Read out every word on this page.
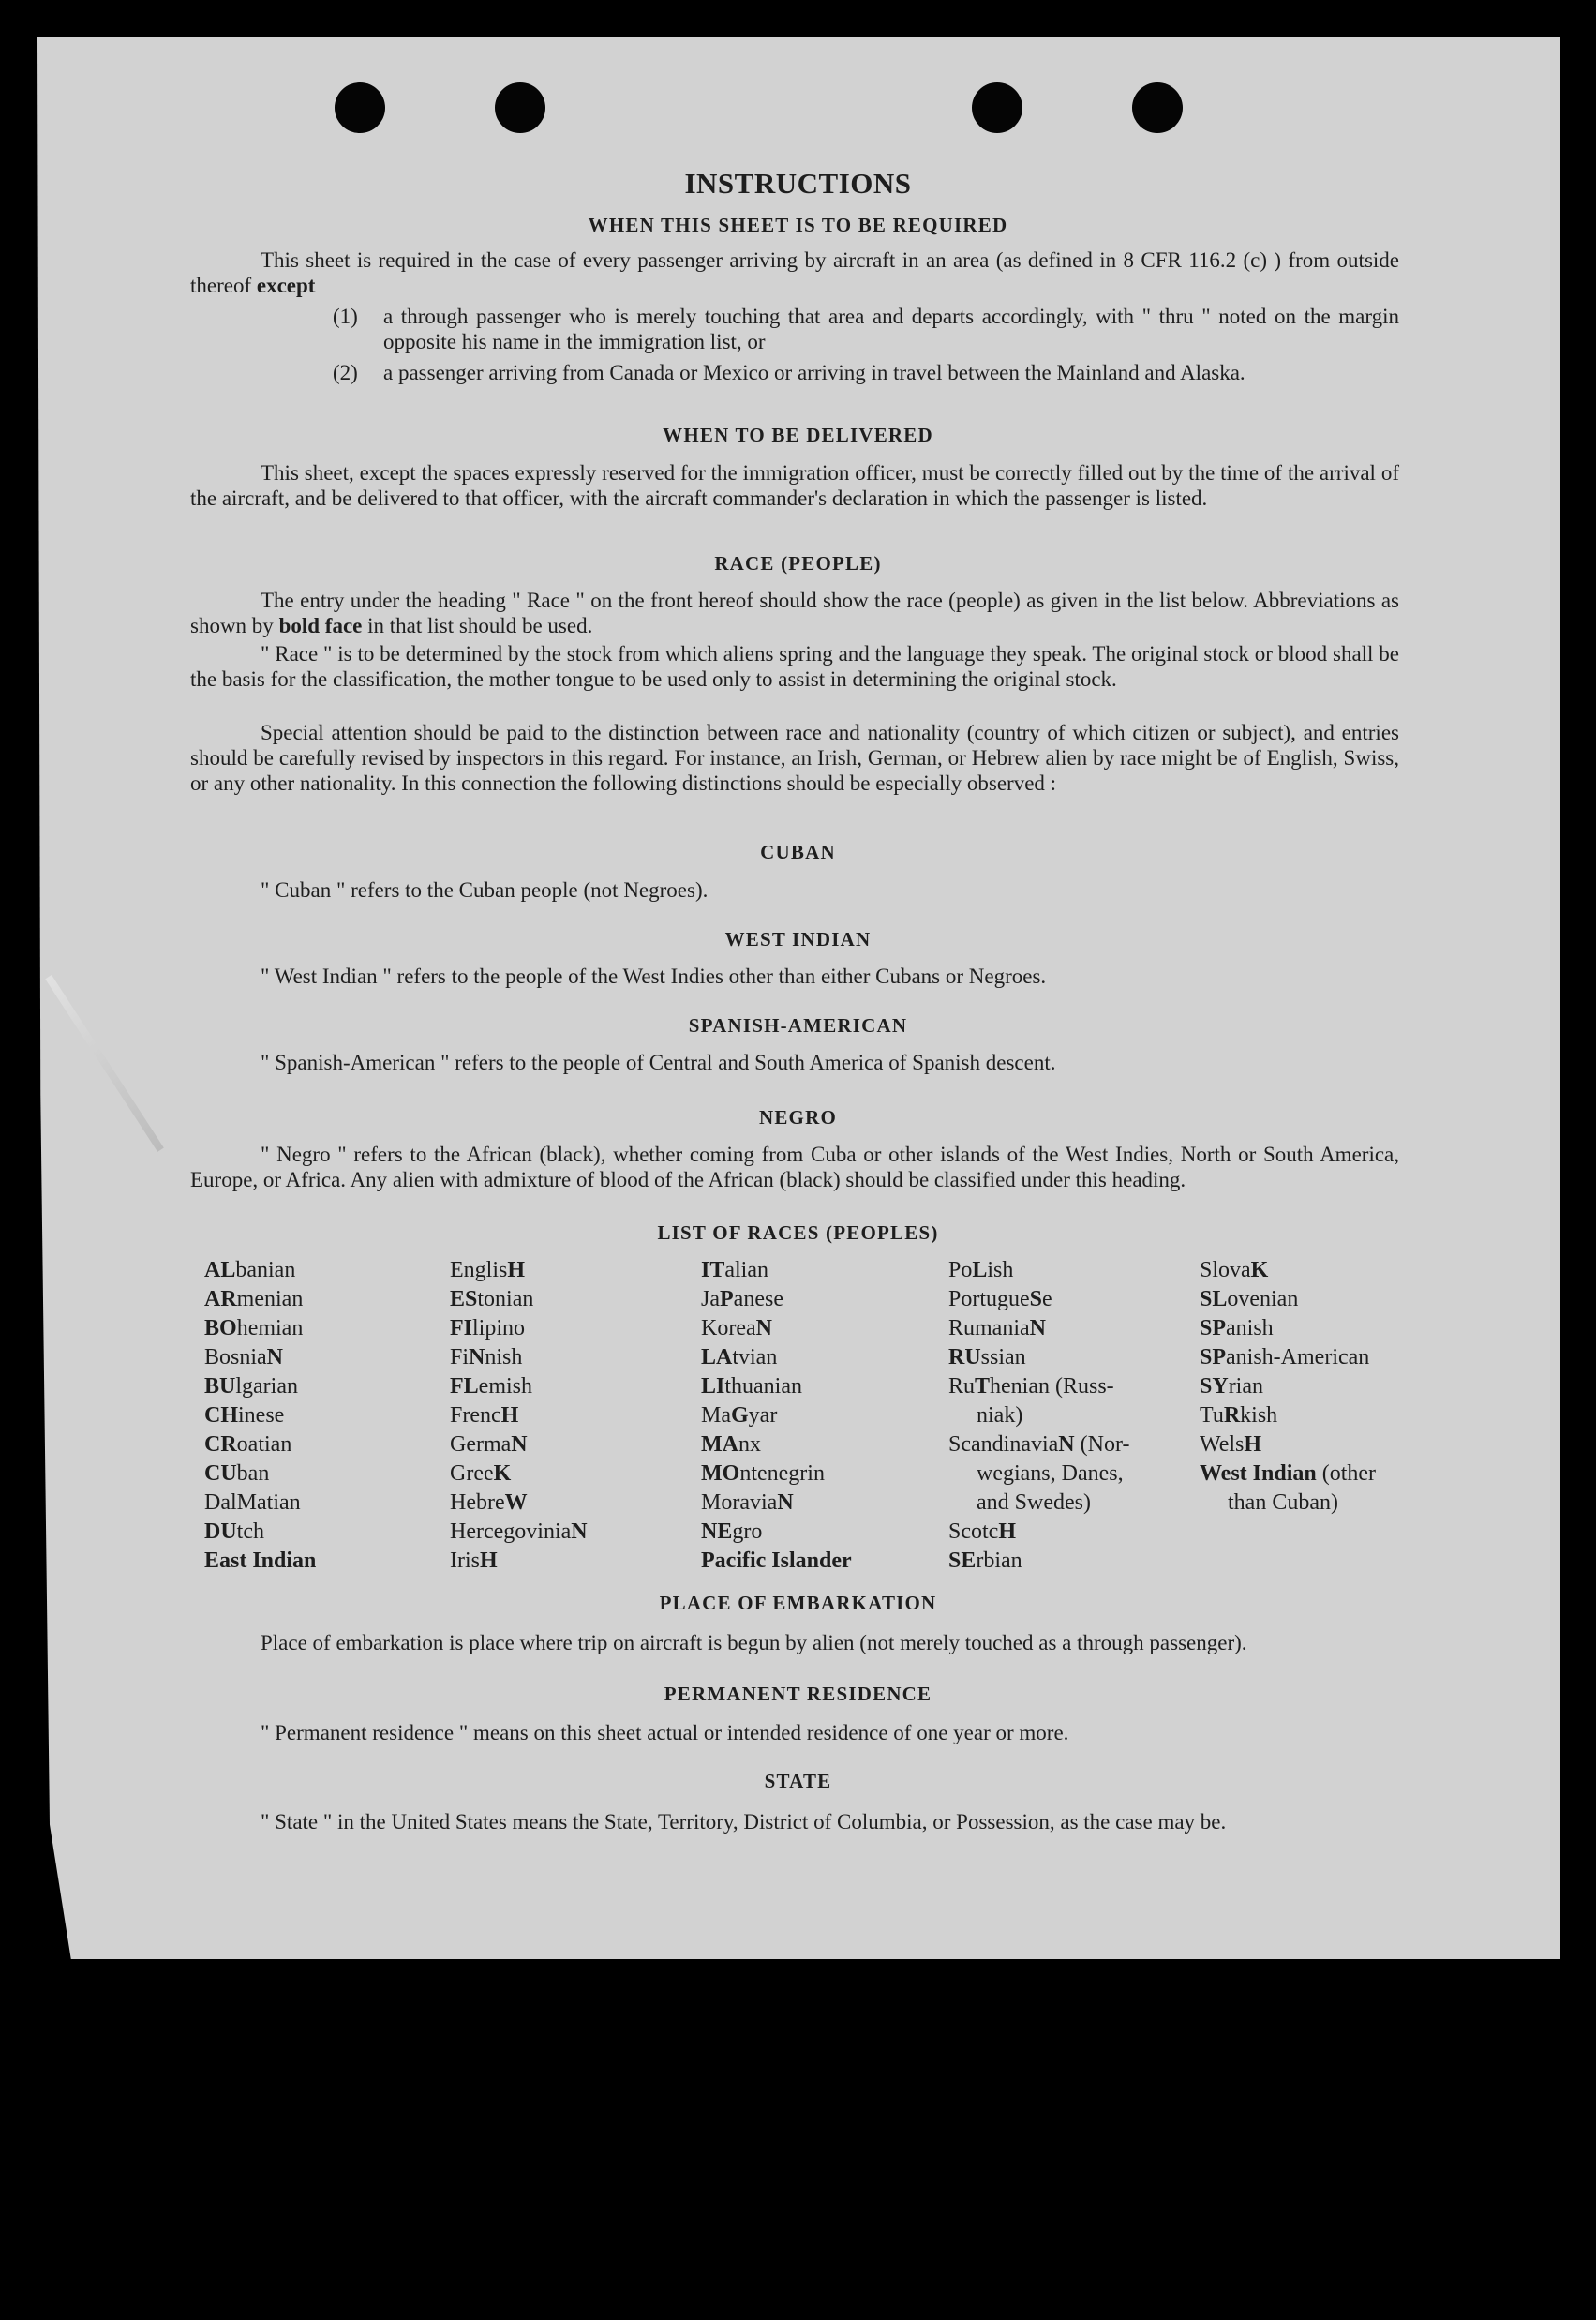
INSTRUCTIONS
WHEN THIS SHEET IS TO BE REQUIRED
This sheet is required in the case of every passenger arriving by aircraft in an area (as defined in 8 CFR 116.2 (c) ) from outside thereof except
(1) a through passenger who is merely touching that area and departs accordingly, with " thru " noted on the margin opposite his name in the immigration list, or
(2) a passenger arriving from Canada or Mexico or arriving in travel between the Mainland and Alaska.
WHEN TO BE DELIVERED
This sheet, except the spaces expressly reserved for the immigration officer, must be correctly filled out by the time of the arrival of the aircraft, and be delivered to that officer, with the aircraft commander's declaration in which the passenger is listed.
RACE (PEOPLE)
The entry under the heading " Race " on the front hereof should show the race (people) as given in the list below. Abbreviations as shown by bold face in that list should be used.
" Race " is to be determined by the stock from which aliens spring and the language they speak. The original stock or blood shall be the basis for the classification, the mother tongue to be used only to assist in determining the original stock.
Special attention should be paid to the distinction between race and nationality (country of which citizen or subject), and entries should be carefully revised by inspectors in this regard. For instance, an Irish, German, or Hebrew alien by race might be of English, Swiss, or any other nationality. In this connection the following distinctions should be especially observed :
CUBAN
" Cuban " refers to the Cuban people (not Negroes).
WEST INDIAN
" West Indian " refers to the people of the West Indies other than either Cubans or Negroes.
SPANISH-AMERICAN
" Spanish-American " refers to the people of Central and South America of Spanish descent.
NEGRO
" Negro " refers to the African (black), whether coming from Cuba or other islands of the West Indies, North or South America, Europe, or Africa. Any alien with admixture of blood of the African (black) should be classified under this heading.
LIST OF RACES (PEOPLES)
ALbanian
ARmenian
BOhemian
BosniaN
BUlgarian
CHinese
CRoatian
CUban
DalMatian
DUtch
East Indian
EnglisH
EStonian
FIlipino
FiNnish
FLemish
FrencH
GermaN
GreeK
HebreW
HercegoviniaN
IrisH
ITalian
JaPanese
KoreaN
LAtvian
LIthuanian
MaGyar
MAnx
MOntenegrin
MoraviaN
NEgro
Pacific Islander
PoLish
PortugueSe
RumaniaN
RUssian
RuThenian (Russ-
niak)
ScandinaviaN (Nor-
wegians, Danes,
and Swedes)
ScotcH
SErbian
SlovaK
SLovenian
SPanish
SPanish-American
SYrian
TuRkish
WelsH
West Indian (other
than Cuban)
PLACE OF EMBARKATION
Place of embarkation is place where trip on aircraft is begun by alien (not merely touched as a through passenger).
PERMANENT RESIDENCE
" Permanent residence " means on this sheet actual or intended residence of one year or more.
STATE
" State " in the United States means the State, Territory, District of Columbia, or Possession, as the case may be.
